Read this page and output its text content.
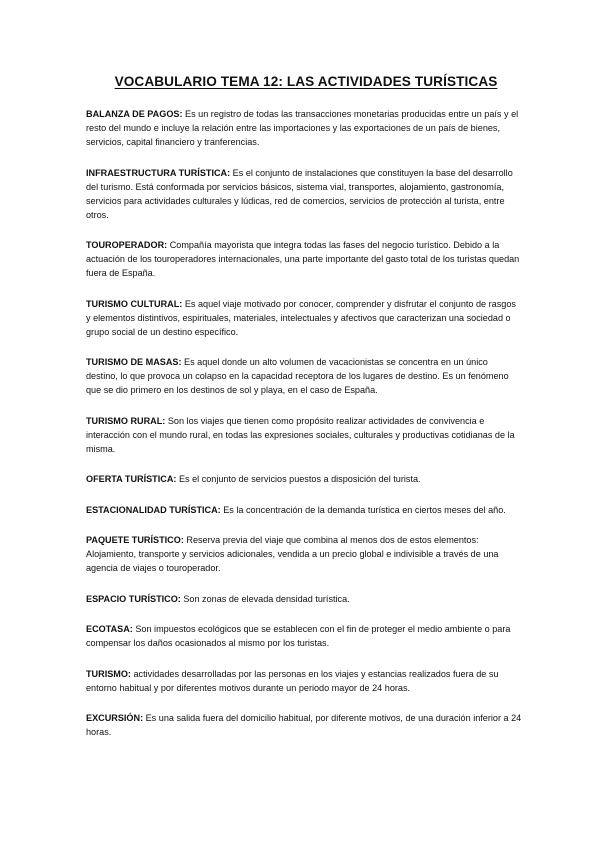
VOCABULARIO TEMA 12: LAS ACTIVIDADES TURÍSTICAS

BALANZA DE PAGOS: Es un registro de todas las transacciones monetarias producidas entre un país y el resto del mundo e incluye la relación entre las importaciones y las exportaciones de un país de bienes, servicios, capital financiero y tranferencias.

INFRAESTRUCTURA TURÍSTICA: Es el conjunto de instalaciones que constituyen la base del desarrollo del turismo. Está conformada por servicios básicos, sistema vial, transportes, alojamiento, gastronomía, servicios para actividades culturales y lúdicas, red de comercios, servicios de protección al turista, entre otros.

TOUROPERADOR: Compañía mayorista que integra todas las fases del negocio turístico. Debido a la actuación de los touroperadores internacionales, una parte importante del gasto total de los turistas quedan fuera de España.

TURISMO CULTURAL: Es aquel viaje motivado por conocer, comprender y disfrutar el conjunto de rasgos y elementos distintivos, espirituales, materiales, intelectuales y afectivos que caracterizan una sociedad o grupo social de un destino específico.

TURISMO DE MASAS: Es aquel donde un alto volumen de vacacionistas se concentra en un único destino, lo que provoca un colapso en la capacidad receptora de los lugares de destino. Es un fenómeno que se dio primero en los destinos de sol y playa, en el caso de España.

TURISMO RURAL: Son los viajes que tienen como propósito realizar actividades de convivencia e interacción con el mundo rural, en todas las expresiones sociales, culturales y productivas cotidianas de la misma.

OFERTA TURÍSTICA: Es el conjunto de servicios puestos a disposición del turista.

ESTACIONALIDAD TURÍSTICA: Es la concentración de la demanda turística en ciertos meses del año.

PAQUETE TURÍSTICO: Reserva previa del viaje que combina al menos dos de estos elementos: Alojamiento, transporte y servicios adicionales, vendida a un precio global e indivisible a través de una agencia de viajes o touroperador.

ESPACIO TURÍSTICO: Son zonas de elevada densidad turística.

ECOTASA: Son impuestos ecológicos que se establecen con el fin de proteger el medio ambiente o para compensar los daños ocasionados al mismo por los turistas.

TURISMO: actividades desarrolladas por las personas en los viajes y estancias realizados fuera de su entorno habitual y por diferentes motivos durante un periodo mayor de 24 horas.

EXCURSIÓN: Es una salida fuera del domicilio habitual, por diferente motivos, de una duración inferior a 24 horas.
